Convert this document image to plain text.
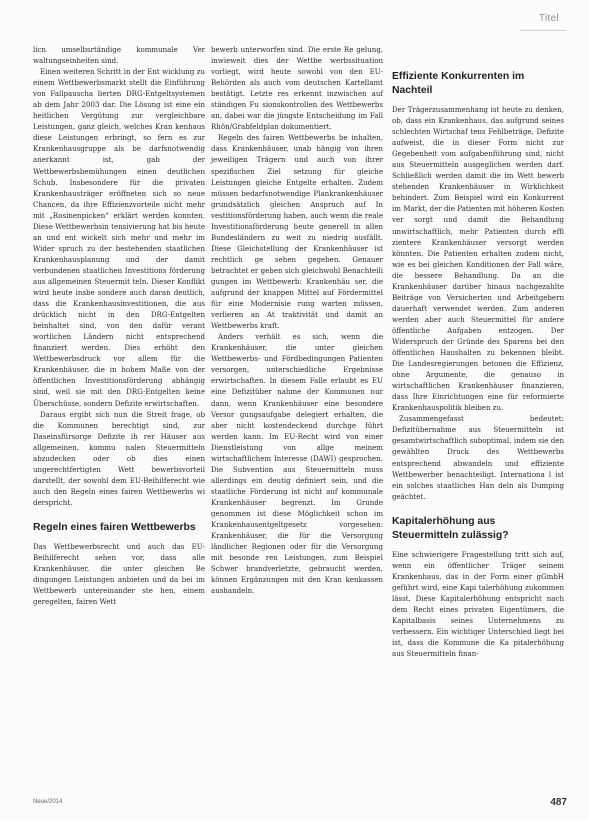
Titel

licn umselbsrtändige kommunale Ver waltungseinheiten sind.

Einen weiteren Schritt in der Ent wicklung zu einem Wettbewerbsmarkt stellt die Einführung von Fallpauscha lierten DRG-Entgeltsystemen ab dem Jahr 2003 dar. Die Lösung ist eine ein heitlichen Vergütung zur vergleichbare Leistungen, ganz gleich, welches Kran kenhaus diese Leistungen erbringt, so fern es zur Krankenhausgruppe als be darfsnotwendig anerkannt ist, gab der Wettbewerbsbemühungen einen deutlichen Schub. Insbesondere für die privaten Krankenhausträger eröffneten sich so neue Chancen, da ihre Effizienzvorteile nicht mehr mit „Rosinenpicken“ erklärt werden konnten. Diese Wettbewerbsin tensivierung hat bis heute an und ent wickelt sich mehr und mehr im Wider spruch zu der bestehenden staatlichen Krankenhausplanung und der damit verbundenen staatlichen Investitions förderung aus allgemeinen Steuermit teln. Dieser Konflikt wird heute insbe sondere auch daran deutlich, dass die Krankenhausinvestitionen, die aus drücklich nicht in den DRG-Entgelten beinhaltet sind, von den dafür verant wortlichen Ländern nicht entsprechend finanziert werden. Dies erhöht den Wettbewerbsdruck vor allem für die Krankenhäuser, die in hohem Maße von der öffentlichen Investitionsförderung abhängig sind, weil sie mit den DRG-Entgelten keine Überschüsse, sondern Defizite erwirtschaften.

Daraus ergibt sich nun die Streit frage, ob die Kommunen berechtigt sind, zur Daseinsfürsorge Defizite ih rer Häuser aus allgemeinen, kommu nalen Steuermitteln abzudecken oder ob dies einen ungerechtfertigten Wett bewerbsvorteil darstellt, der sowohl dem EU-Beihilferecht wie auch den Regeln eines fairen Wettbewerbs wi derspricht.

Regeln eines fairen Wettbewerbs

Das Wettbewerbsrecht und auch das EU-Beihilferecht sehen vor, dass alle Krankenhäuser, die unter gleichen Be dingungen Leistungen anbieten und da bei im Wettbewerb untereinander ste hen, einem geregelten, fairen Wett

bewerb unterworfen sind. Die erste Re gelung, inwieweit dies der Wettbe werbssituation vorliegt, wird heute sowohl von den EU-Behörden als auch vom deutschen Kartellamt bestätigt. Letzte res erkennt inzwischen auf ständigen Fu sionskontrollen des Wettbewerbs an, dabei war die jüngste Entscheidung im Fall Rhön/Grabfeldplan dokumentiert.

Regeln des fairen Wettbewerbs be inhalten, dass Krankenhäuser, unab hängig von ihren jeweiligen Trägern und auch von ihrer spezifischen Ziel setzung für gleiche Leistungen gleiche Entgelte erhalten. Zudem müssen bedarfsnotwendige Plankrankenhäuser grundsätzlich gleichen Anspruch auf In vestitionsförderung haben, auch wenn die reale Investitionsförderung heute generell in allen Bundesländern zu weit zu niedrig ausfällt. Diese Gleichstellung der Krankenhäuser ist rechtlich ge sehen gegeben. Genauer betrachtet er geben sich gleichwohl Benachteili gungen im Wettbewerb: Krankenhäu ser, die aufgrund der knappen Mittel auf Fördermittel für eine Modernisie rung warten müssen, verlieren an At traktivität und damit an Wettbewerbs kraft.

Anders verhält es sich, wenn die Krankenhäuser, die unter gleichen Wettbewerbs- und Fördbedingungen Patienten versorgen, unterschiedliche Ergebnisse erwirtschaften. In diesem Falle erlaubt es EU eine Defizitüber nahme der Kommunen nur dann, wenn Krankenhäuser eine besondere Versor gungsaufgabe delegiert erhalten, die aber nicht kostendeckend durchge führt werden kann. Im EU-Recht wird von einer Dienstleistung von allge meinem wirtschaftlichem Interesse (DAWI) gesprochen. Die Subvention aus Steuermitteln muss allerdings ein deutig definiert sein, und die staatliche Förderung ist nicht auf kommunale Krankenhäuser begrenzt. Im Grunde genommen ist diese Möglichkeit schon im Krankenhausentgeltgesetz vorgesehen: Krankenhäuser, die für die Versorgung ländlicher Regionen oder für die Versorgung mit besonde ren Leistungen, zum Beispiel Schwer brandverletzte, gebraucht werden, können Ergänzungen mit den Kran kenkassen aushandeln.

Effiziente Konkurrenten im Nachteil

Der Trägerzusammenhang ist heute zu denken, ob, dass ein Krankenhaus, das aufgrund seines schlechten Wirtschaf tens Fehlbeträge, Defizite aufweist, die in dieser Form nicht zur Gegebenheit vom aufgabenführung sind, nicht aus Steuermitteln ausgeglichen werden darf. Schließlich werden damit die im Wett bewerb stehenden Krankenhäuser in Wirklichkeit behindert. Zum Beispiel wird ein Konkurrent im Markt, der die Patienten mit höheren Kosten ver sorgt und damit die Behandlung unwirtschaftlich, mehr Patienten durch effi zientere Krankenhäuser versorgt werden könnten. Die Patienten erhalten zudem nicht, wie es bei gleichen Konditionen der Fall wäre, die bessere Behandlung. Da an die Krankenhäuser darüber hinaus nachgezahlte Beiträge von Versicherten und Arbeitgebern dauerhaft verwendet werden. Zum anderen werden aber auch Steuermittel für andere öffentliche Aufgaben entzogen. Der Widerspruch der Gründe des Sparens bei den öffentlichen Haushalten zu bekennen bleibt. Die Landesregierungen betonen die Effizienz, ohne Argumente, die genauso in wirtschaftlichen Krankenhäuser finanzieren, dass Ihre Einrichtungen eine für reformierte Krankenhauspolitik bleiben zu.

Zusammengefasst bedeutet: Defizitübernahme aus Steuermitteln ist gesamtwirtschaftlich suboptimal, indem sie den gewählten Druck des Wettbewerbs entsprechend abwandeln und effiziente Wettbewerber benachteiligt. Internationa l ist ein solches staatliches Han deln als Dumping geächtet.

Kapitalerhöhung aus Steuermitteln zulässig?

Eine schwierigere Fragestellung tritt sich auf, wenn ein öffentlicher Träger seinem Krankenhaus, das in der Form einer gGmbH geführt wird, eine Kapi talerhöhung zukommen lässt. Diese Kapitalerhöhung entspricht nach dem Recht eines privaten Eigentümers, die Kapitalbasis seines Unternehmens zu verbessern. Ein wichtiger Unterschied liegt bei ist, dass die Kommune die Ka pitalerhöhung aus Steuermitteln finan-

Neue/2014	487
